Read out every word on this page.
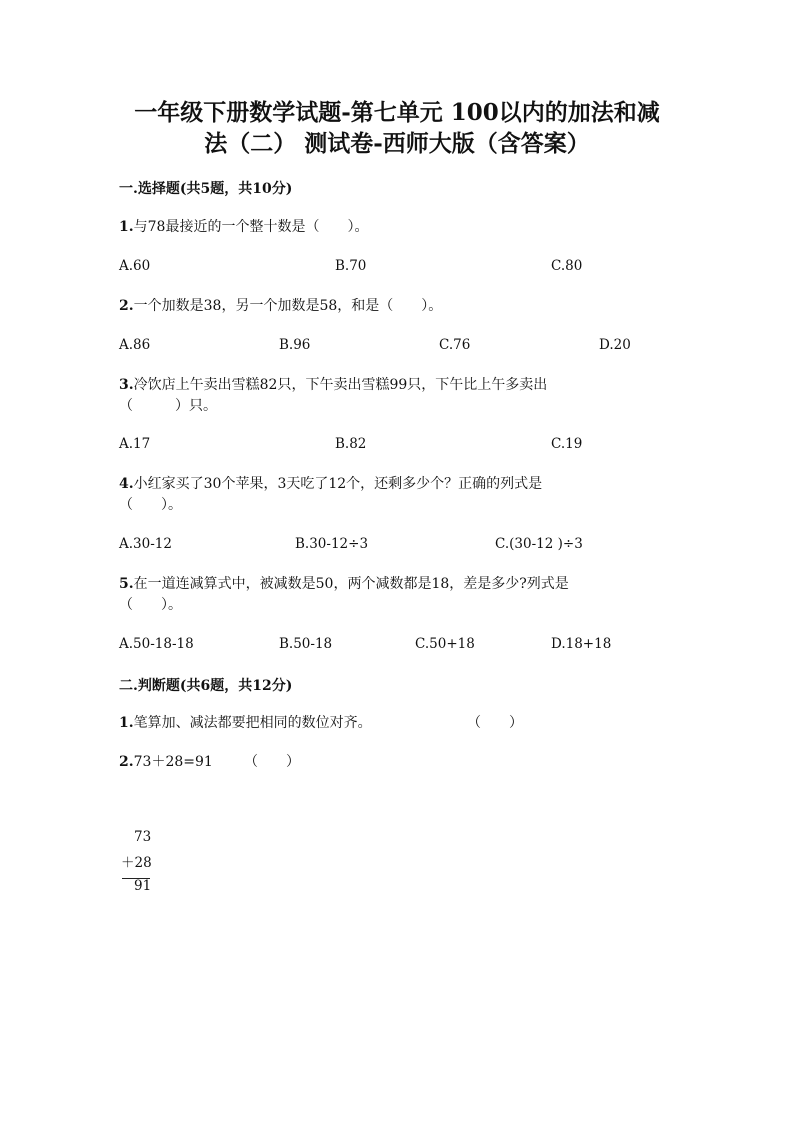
一年级下册数学试题-第七单元 100以内的加法和减
法（二） 测试卷-西师大版（含答案）
一.选择题(共5题，共10分)
1.与78最接近的一个整十数是（　　）。
A.60	B.70	C.80
2.一个加数是38，另一个加数是58，和是（　　）。
A.86	B.96	C.76	D.20
3.冷饮店上午卖出雪糕82只，下午卖出雪糕99只，下午比上午多卖出
（　　　）只。
A.17	B.82	C.19
4.小红家买了30个苹果，3天吃了12个，还剩多少个？正确的列式是
（　　）。
A.30-12	B.30-12÷3	C.(30-12 )÷3
5.在一道连减算式中，被减数是50，两个减数都是18，差是多少?列式是
（　　）。
A.50-18-18	B.50-18	C.50+18	D.18+18
二.判断题(共6题，共12分)
1.笔算加、减法都要把相同的数位对齐。	（　　）
2.73＋28=91 （　　）
73
＋28
91
